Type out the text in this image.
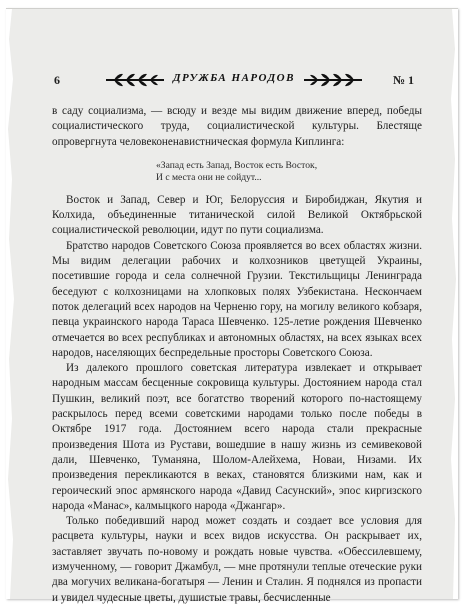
6	ДРУЖБА НАРОДОВ	№ 1

в саду социализма, — всюду и везде мы видим движение вперед, победы социалистического труда, социалистической культуры. Блестяще опровергнута человеконенавистническая формула Киплинга:

«Запад есть Запад, Восток есть Восток,
И с места они не сойдут...

Восток и Запад, Север и Юг, Белоруссия и Биробиджан, Якутия и Колхида, объединенные титанической силой Великой Октябрьской социалистической революции, идут по пути социализма.

Братство народов Советского Союза проявляется во всех областях жизни. Мы видим делегации рабочих и колхозников цветущей Украины, посетившие города и села солнечной Грузии. Текстильщицы Ленинграда беседуют с колхозницами на хлопковых полях Узбекистана. Нескончаем поток делегаций всех народов на Черненю гору, на могилу великого кобзаря, певца украинского народа Тараса Шевченко. 125-летие рождения Шевченко отмечается во всех республиках и автономных областях, на всех языках всех народов, населяющих беспредельные просторы Советского Союза.

Из далекого прошлого советская литература извлекает и открывает народным массам бесценные сокровища культуры. Достоянием народа стал Пушкин, великий поэт, все богатство творений которого по-настоящему раскрылось перед всеми советскими народами только после победы в Октябре 1917 года. Достоянием всего народа стали прекрасные произведения Шота из Рустави, вошедшие в нашу жизнь из семивековой дали, Шевченко, Туманяна, Шолом-Алейхема, Новаи, Низами. Их произведения перекликаются в веках, становятся близкими нам, как и героический эпос армянского народа «Давид Сасунский», эпос киргизского народа «Манас», калмыцкого народа «Джангар».

Только победивший народ может создать и создает все условия для расцвета культуры, науки и всех видов искусства. Он раскрывает их, заставляет звучать по-новому и рождать новые чувства. «Обессилевшему, измученному, — говорит Джамбул, — мне протянули теплые отеческие руки два могучих великана-богатыря — Ленин и Сталин. Я поднялся из пропасти и увидел чудесные цветы, душистые травы, бесчисленные
